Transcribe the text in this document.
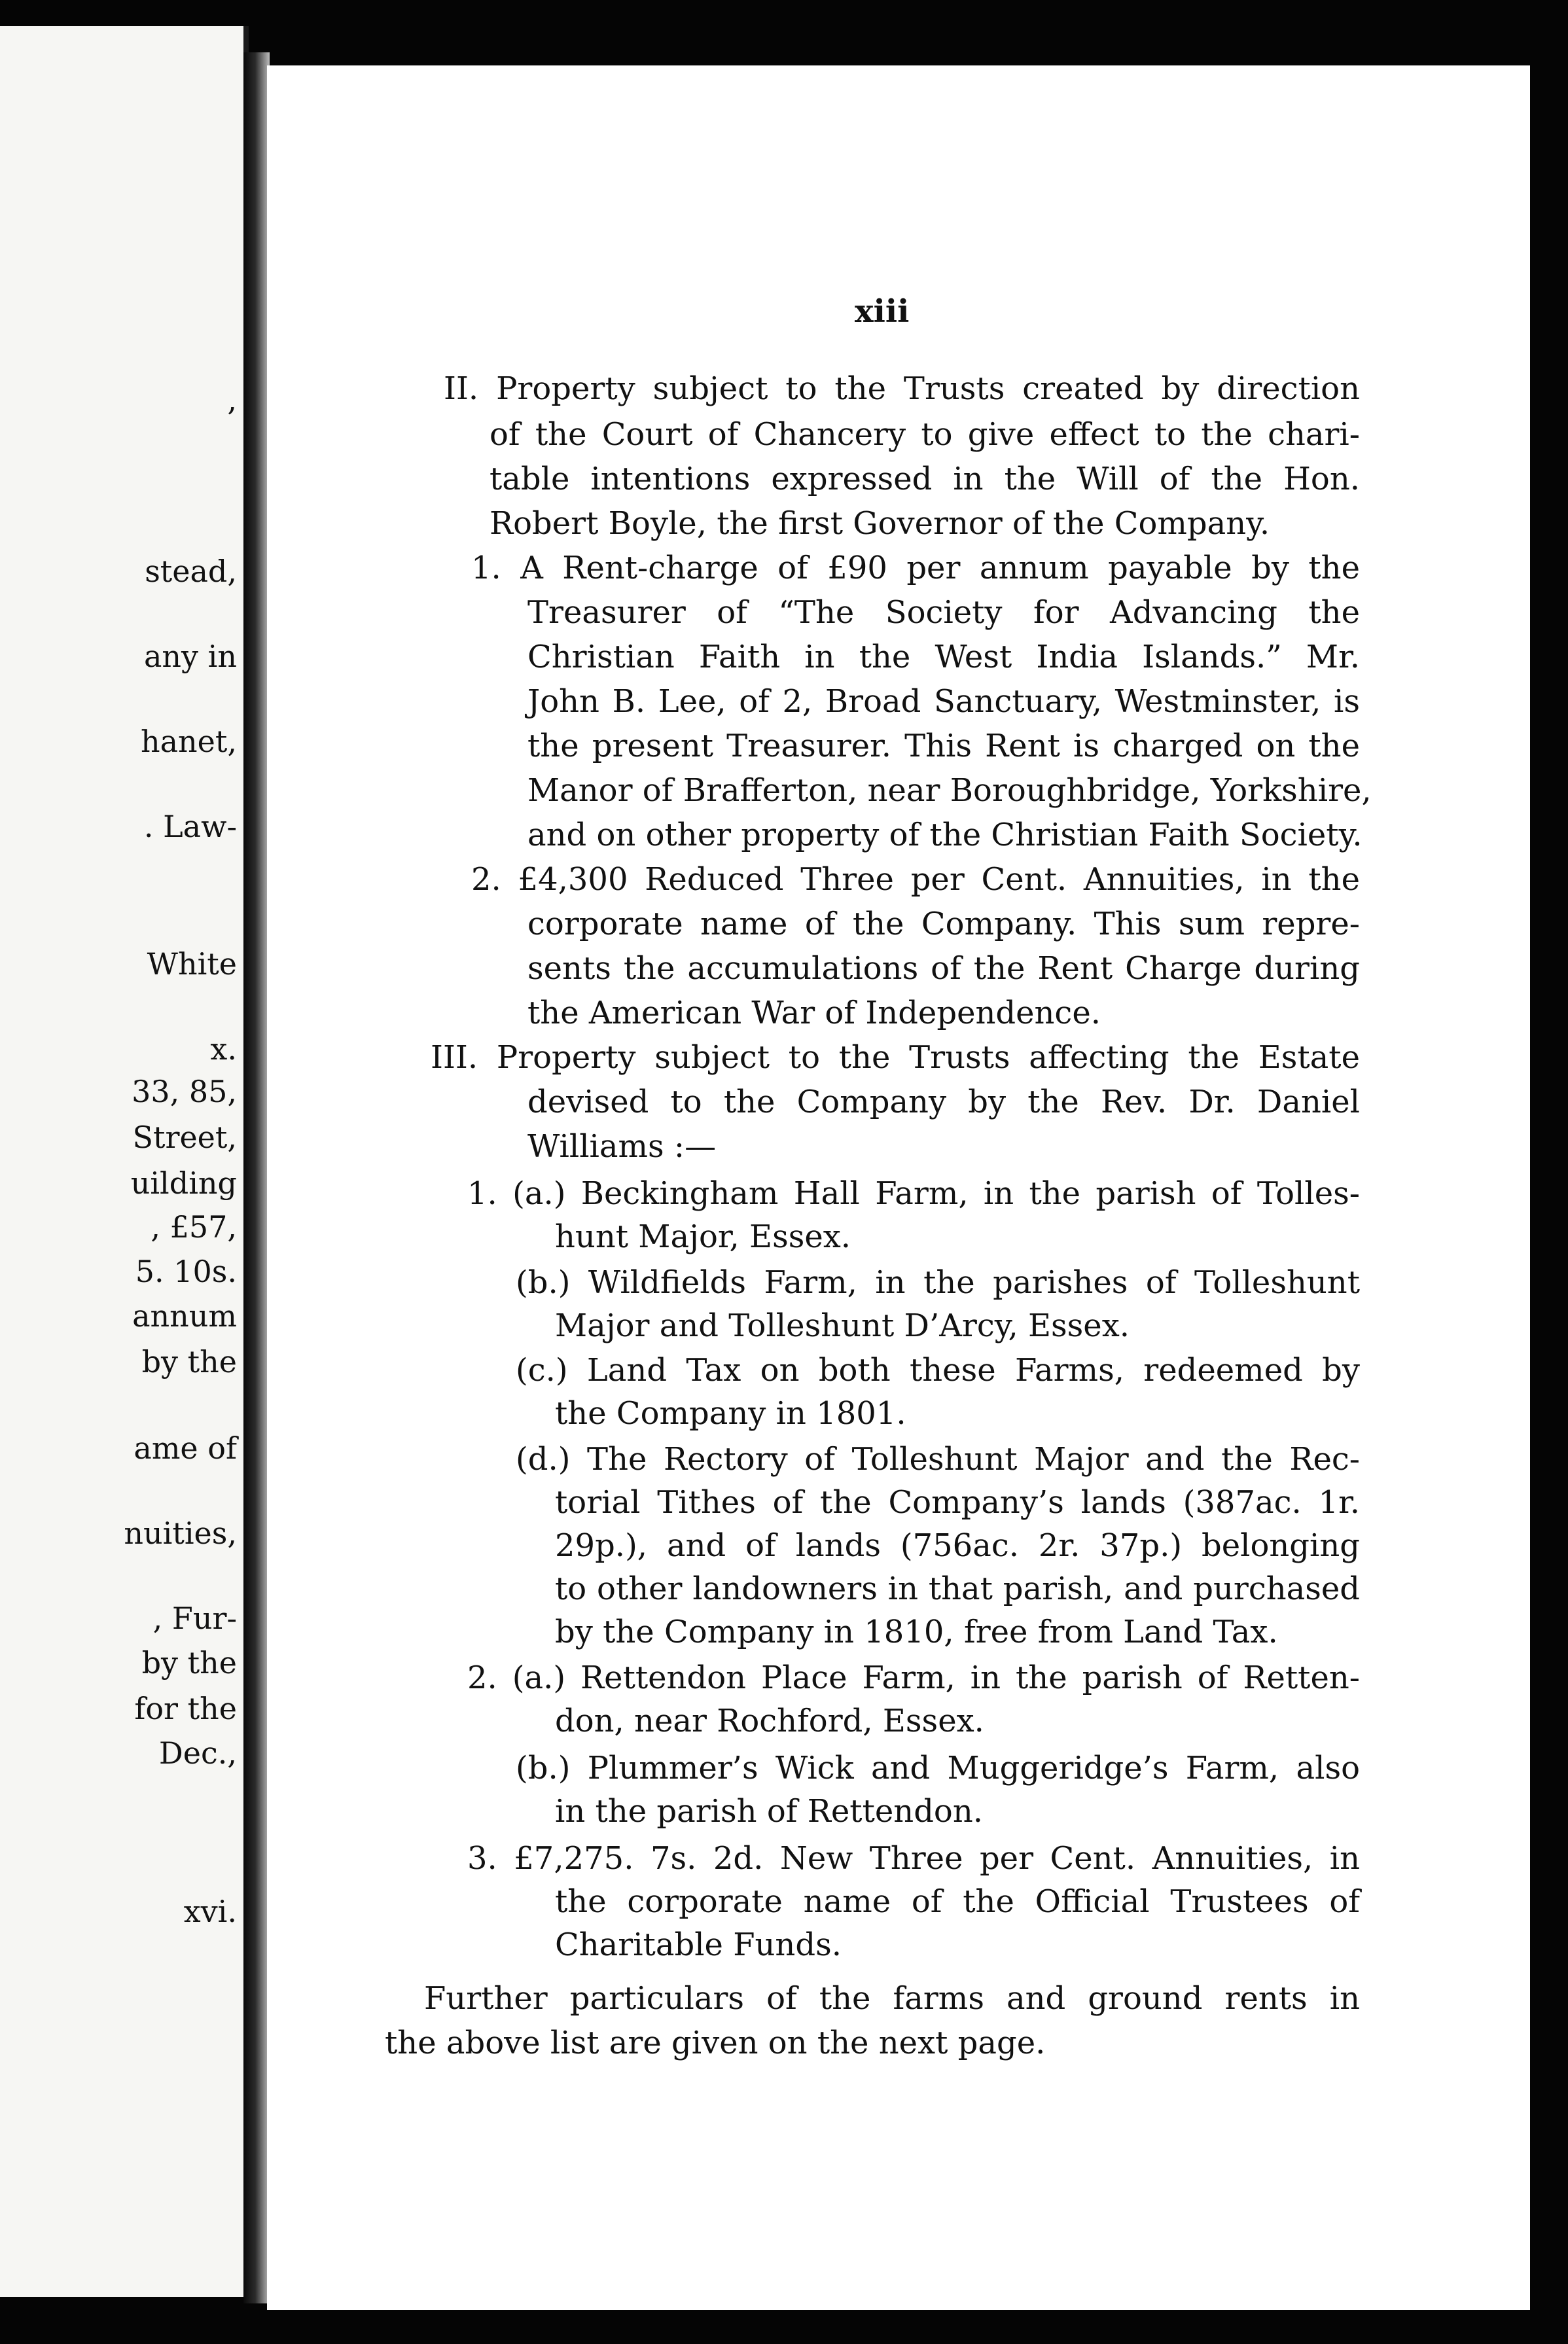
,
stead,
any in
hanet,
. Law-
White
x.
33, 85,
Street,
uilding
, £57,
5. 10s.
annum
by the
ame of
nuities,
, Fur-
by the
for the
Dec.,
xvi.
xiii
II. Property subject to the Trusts created by direction
of the Court of Chancery to give effect to the chari-
table intentions expressed in the Will of the Hon.
Robert Boyle, the first Governor of the Company.
1. A Rent-charge of £90 per annum payable by the
Treasurer of “The Society for Advancing the
Christian Faith in the West India Islands.” Mr.
John B. Lee, of 2, Broad Sanctuary, Westminster, is
the present Treasurer. This Rent is charged on the
Manor of Brafferton, near Boroughbridge, Yorkshire,
and on other property of the Christian Faith Society.
2. £4,300 Reduced Three per Cent. Annuities, in the
corporate name of the Company. This sum repre-
sents the accumulations of the Rent Charge during
the American War of Independence.
III. Property subject to the Trusts affecting the Estate
devised to the Company by the Rev. Dr. Daniel
Williams :—
1. (a.) Beckingham Hall Farm, in the parish of Tolles-
hunt Major, Essex.
(b.) Wildfields Farm, in the parishes of Tolleshunt
Major and Tolleshunt D’Arcy, Essex.
(c.) Land Tax on both these Farms, redeemed by
the Company in 1801.
(d.) The Rectory of Tolleshunt Major and the Rec-
torial Tithes of the Company’s lands (387ac. 1r.
29p.), and of lands (756ac. 2r. 37p.) belonging
to other landowners in that parish, and purchased
by the Company in 1810, free from Land Tax.
2. (a.) Rettendon Place Farm, in the parish of Retten-
don, near Rochford, Essex.
(b.) Plummer’s Wick and Muggeridge’s Farm, also
in the parish of Rettendon.
3. £7,275. 7s. 2d. New Three per Cent. Annuities, in
the corporate name of the Official Trustees of
Charitable Funds.
Further particulars of the farms and ground rents in
the above list are given on the next page.
